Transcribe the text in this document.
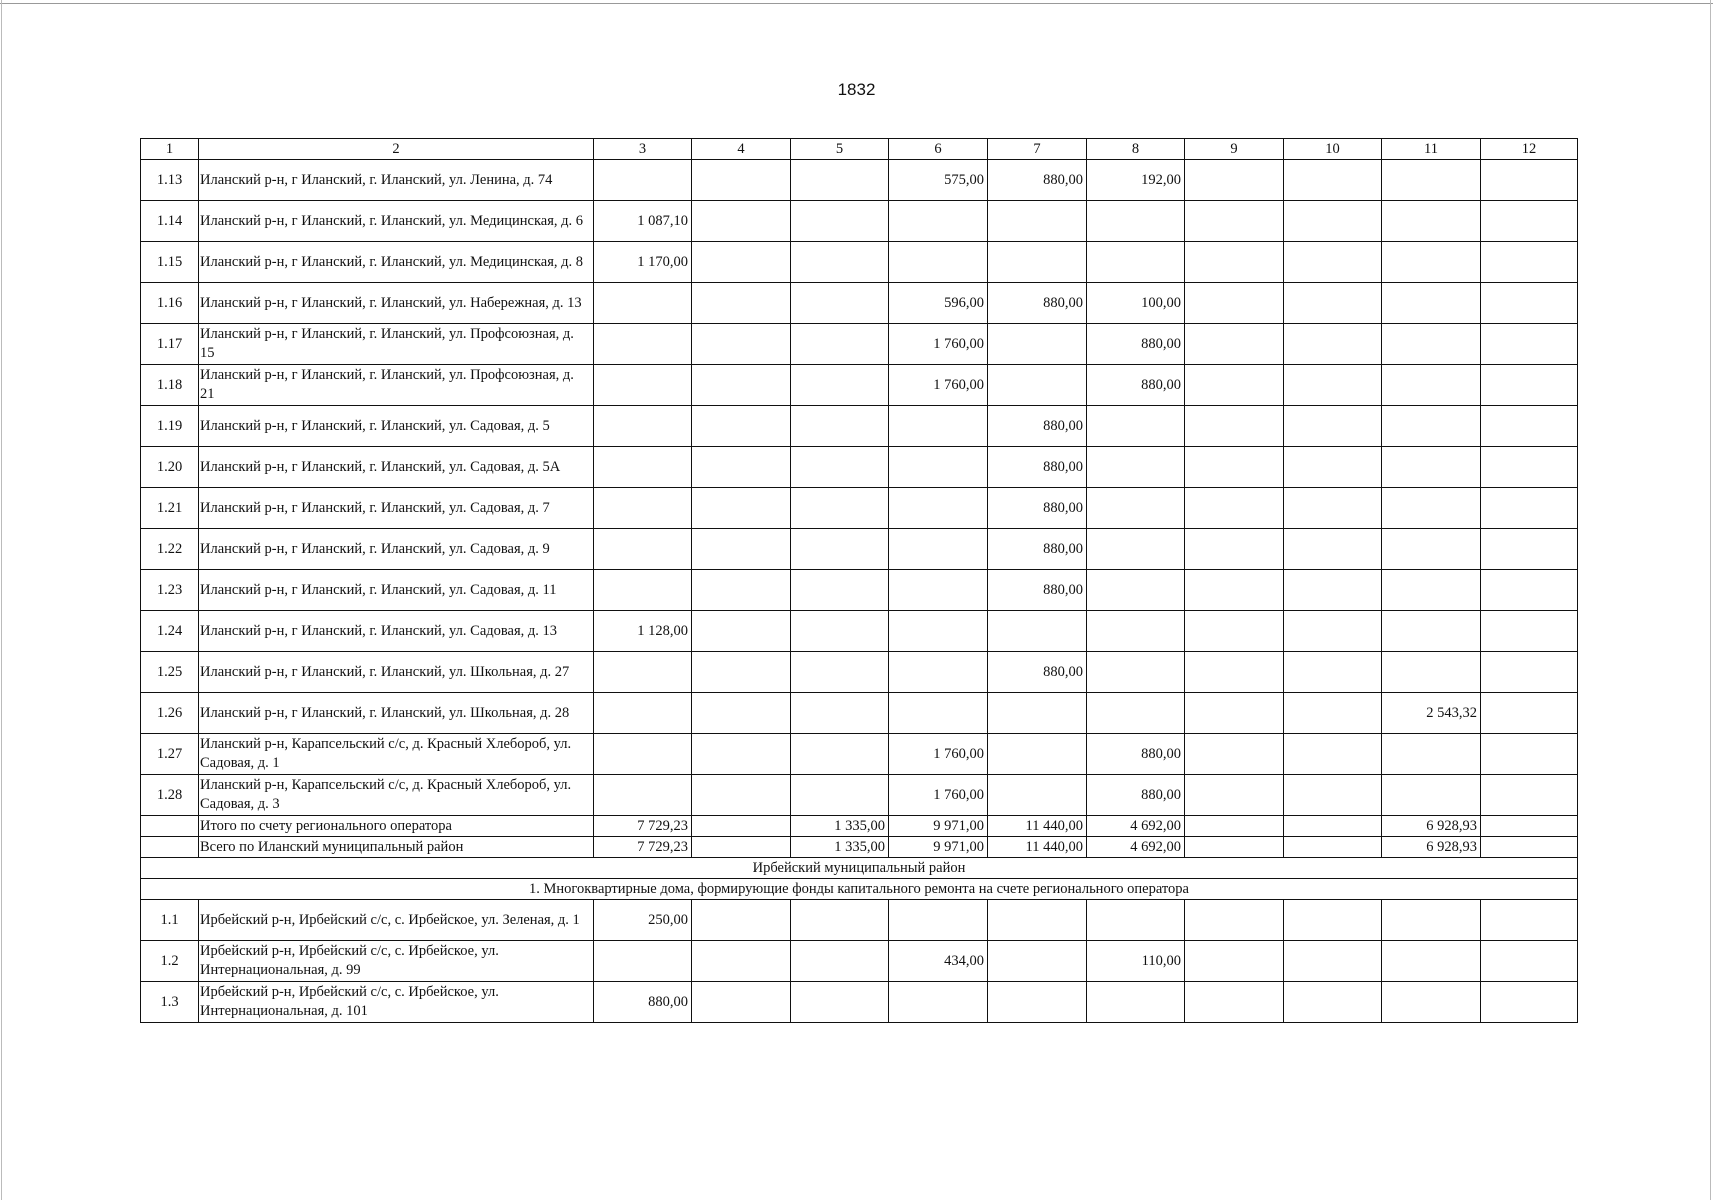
1832
1	2	3	4	5	6	7	8	9	10	11	12
1.13	Иланский р-н, г Иланский, г. Иланский, ул. Ленина, д. 74				575,00	880,00	192,00				
1.14	Иланский р-н, г Иланский, г. Иланский, ул. Медицинская, д. 6	1 087,10									
1.15	Иланский р-н, г Иланский, г. Иланский, ул. Медицинская, д. 8	1 170,00									
1.16	Иланский р-н, г Иланский, г. Иланский, ул. Набережная, д. 13				596,00	880,00	100,00				
1.17	Иланский р-н, г Иланский, г. Иланский, ул. Профсоюзная, д. 15				1 760,00		880,00				
1.18	Иланский р-н, г Иланский, г. Иланский, ул. Профсоюзная, д. 21				1 760,00		880,00				
1.19	Иланский р-н, г Иланский, г. Иланский, ул. Садовая, д. 5					880,00					
1.20	Иланский р-н, г Иланский, г. Иланский, ул. Садовая, д. 5А					880,00					
1.21	Иланский р-н, г Иланский, г. Иланский, ул. Садовая, д. 7					880,00					
1.22	Иланский р-н, г Иланский, г. Иланский, ул. Садовая, д. 9					880,00					
1.23	Иланский р-н, г Иланский, г. Иланский, ул. Садовая, д. 11					880,00					
1.24	Иланский р-н, г Иланский, г. Иланский, ул. Садовая, д. 13	1 128,00									
1.25	Иланский р-н, г Иланский, г. Иланский, ул. Школьная, д. 27					880,00					
1.26	Иланский р-н, г Иланский, г. Иланский, ул. Школьная, д. 28									2 543,32	
1.27	Иланский р-н, Карапсельский с/с, д. Красный Хлебороб, ул. Садовая, д. 1				1 760,00		880,00				
1.28	Иланский р-н, Карапсельский с/с, д. Красный Хлебороб, ул. Садовая, д. 3				1 760,00		880,00				
	Итого по счету регионального оператора	7 729,23		1 335,00	9 971,00	11 440,00	4 692,00			6 928,93	
	Всего по Иланский муниципальный район	7 729,23		1 335,00	9 971,00	11 440,00	4 692,00			6 928,93	
Ирбейский муниципальный район											
1. Многоквартирные дома, формирующие фонды капитального ремонта на счете регионального оператора											
1.1	Ирбейский р-н, Ирбейский с/с, с. Ирбейское, ул. Зеленая, д. 1	250,00									
1.2	Ирбейский р-н, Ирбейский с/с, с. Ирбейское, ул. Интернациональная, д. 99				434,00		110,00				
1.3	Ирбейский р-н, Ирбейский с/с, с. Ирбейское, ул. Интернациональная, д. 101	880,00									
